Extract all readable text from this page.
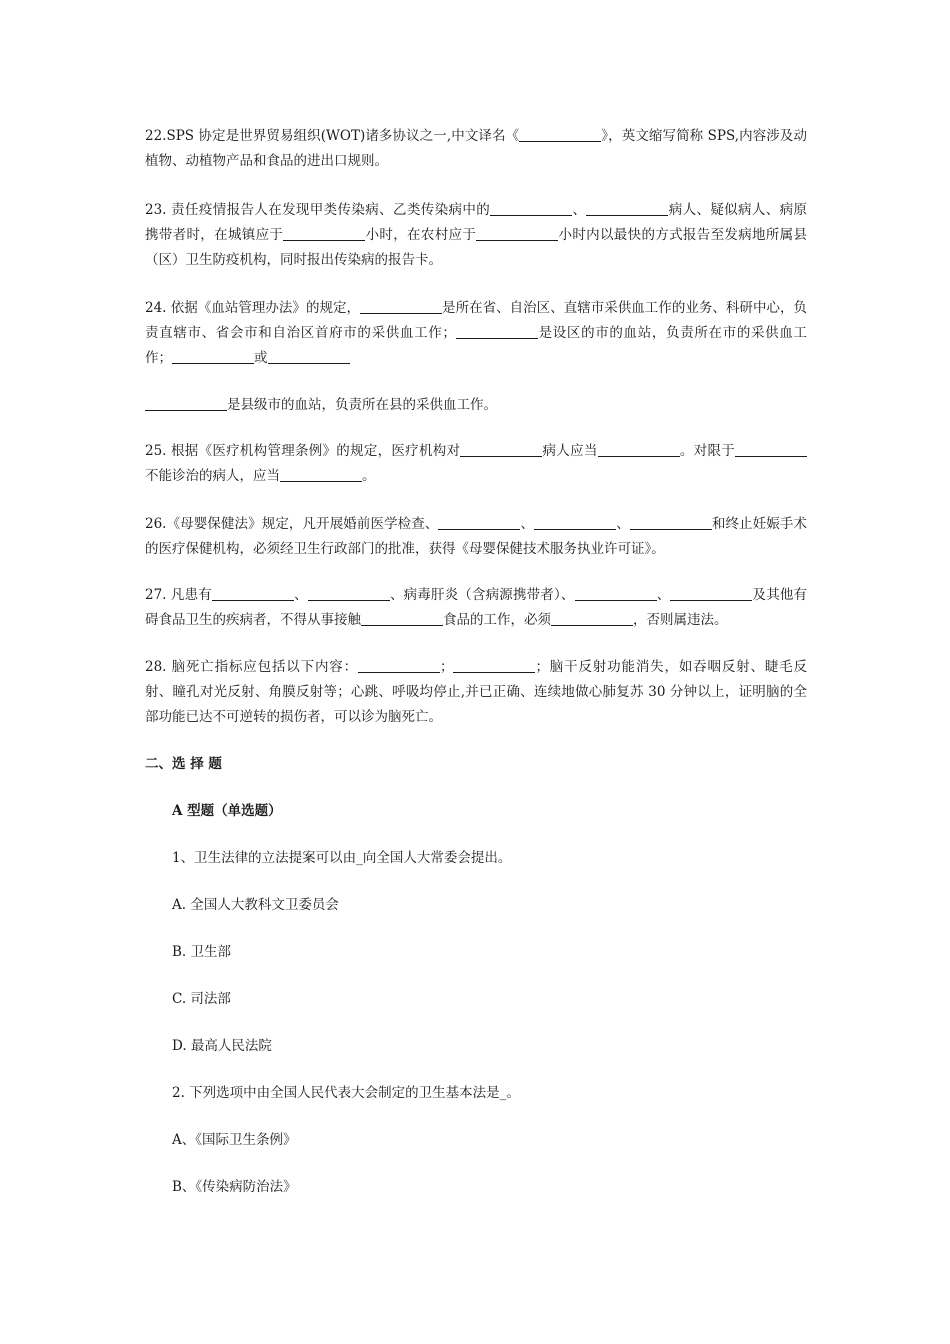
22.SPS 协定是世界贸易组织(WOT)诸多协议之一,中文译名《	》，英文缩写简称 SPS,内容涉及动植物、动植物产品和食品的进出口规则。

23. 责任疫情报告人在发现甲类传染病、乙类传染病中的	、	病人、疑似病人、病原携带者时，在城镇应于	小时，在农村应于	小时内以最快的方式报告至发病地所属县（区）卫生防疫机构，同时报出传染病的报告卡。

24. 依据《血站管理办法》的规定，	是所在省、自治区、直辖市采供血工作的业务、科研中心，负责直辖市、省会市和自治区首府市的采供血工作；	是设区的市的血站，负责所在市的采供血工作；	或

是县级市的血站，负责所在县的采供血工作。

25. 根据《医疗机构管理条例》的规定，医疗机构对	病人应当	。对限于不能诊治的病人，应当	。

26.《母婴保健法》规定，凡开展婚前医学检查、	、	、	和终止妊娠手术的医疗保健机构，必须经卫生行政部门的批准，获得《母婴保健技术服务执业许可证》。

27. 凡患有	、	、病毒肝炎（含病源携带者）、	、	及其他有碍食品卫生的疾病者，不得从事接触	食品的工作，必须	，否则属违法。

28. 脑死亡指标应包括以下内容：	；	；脑干反射功能消失，如吞咽反射、睫毛反射、瞳孔对光反射、角膜反射等；心跳、呼吸均停止,并已正确、连续地做心肺复苏 30 分钟以上，证明脑的全部功能已达不可逆转的损伤者，可以诊为脑死亡。

二、选 择 题
A 型题（单选题）
1、卫生法律的立法提案可以由_向全国人大常委会提出。
A. 全国人大教科文卫委员会
B. 卫生部
C. 司法部
D. 最高人民法院
2. 下列选项中由全国人民代表大会制定的卫生基本法是_。
A、《国际卫生条例》
B、《传染病防治法》
